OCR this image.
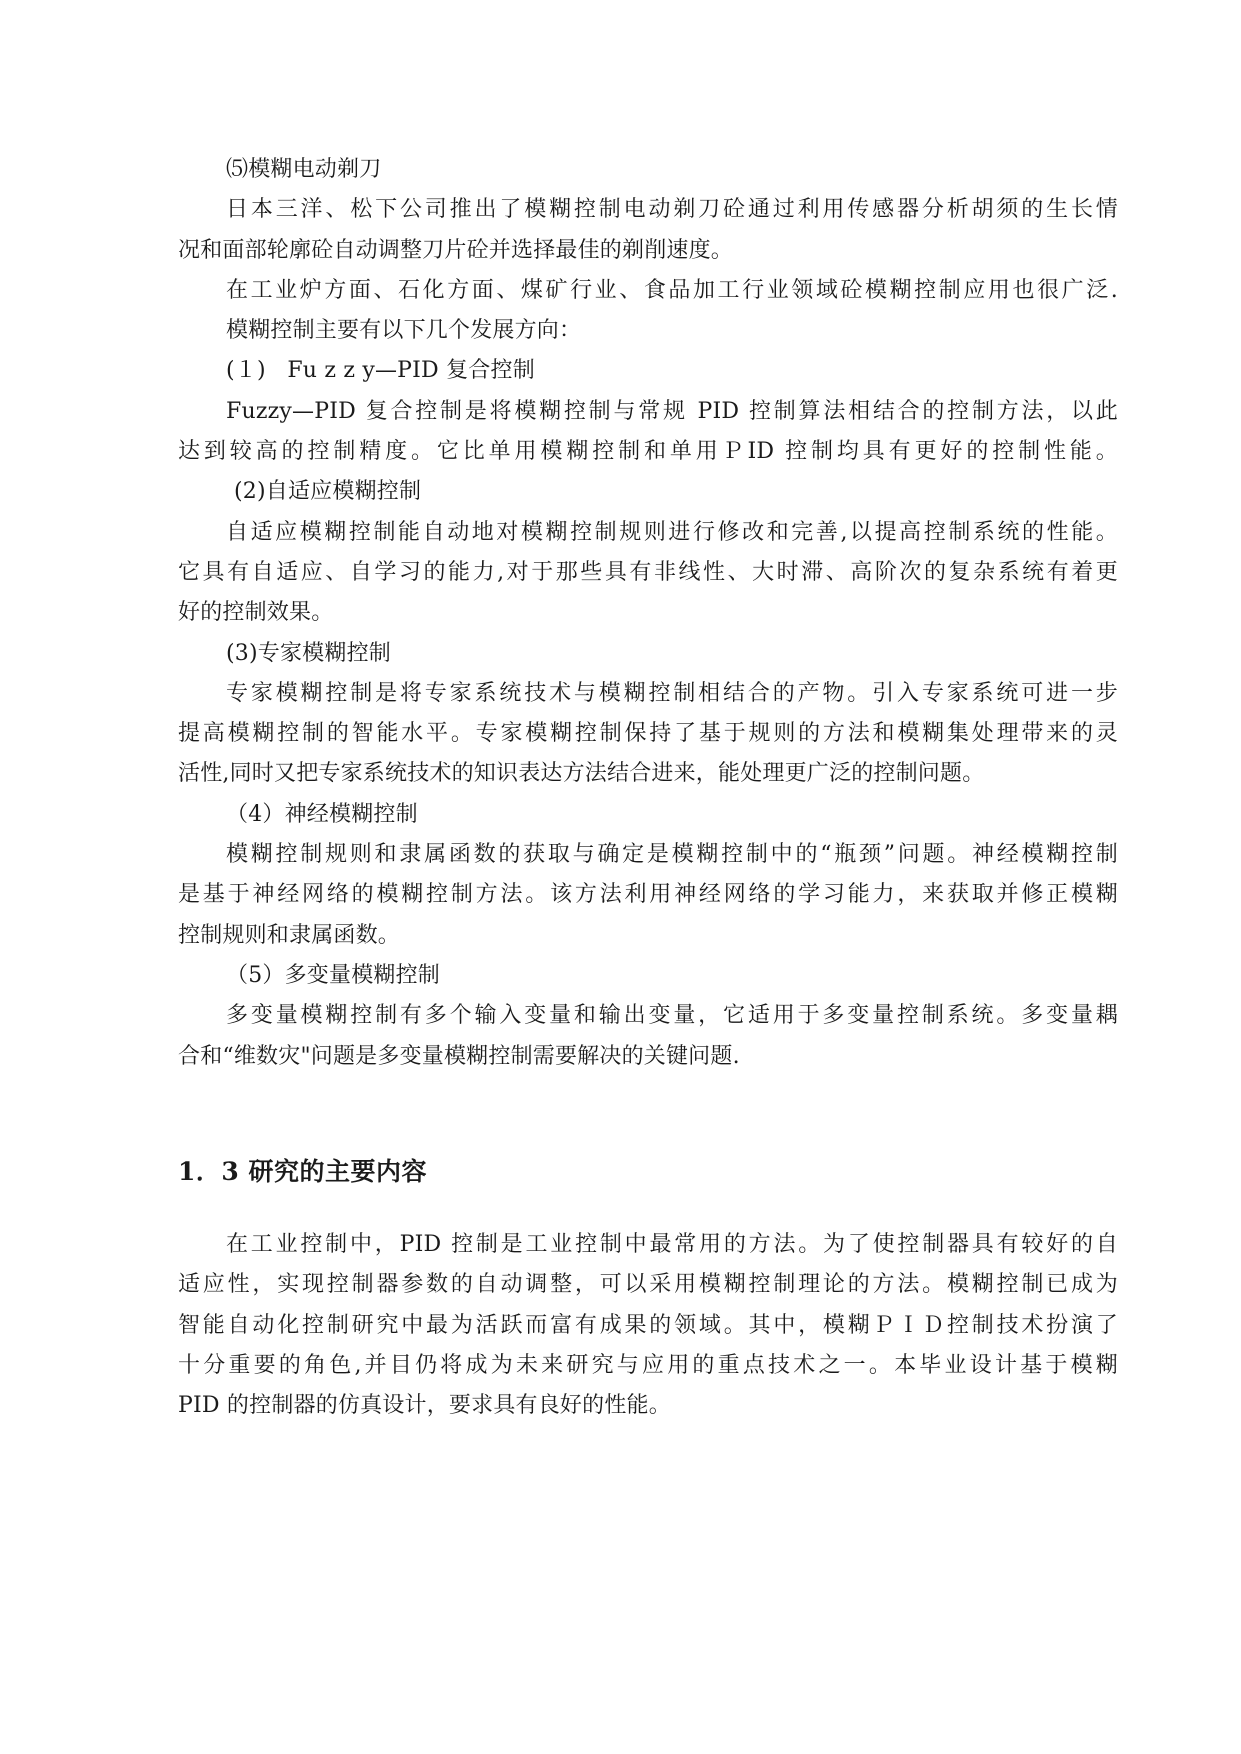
⑸模糊电动剃刀
日本三洋、松下公司推出了模糊控制电动剃刀砼通过利用传感器分析胡须的生长情
况和面部轮廓砼自动调整刀片砼并选择最佳的剃削速度。
在工业炉方面、石化方面、煤矿行业、食品加工行业领域砼模糊控制应用也很广泛.
模糊控制主要有以下几个发展方向：
(１)   Fu z z y—PID 复合控制
Fuzzy—PID 复合控制是将模糊控制与常规 PID 控制算法相结合的控制方法，以此
达到较高的控制精度。它比单用模糊控制和单用ＰID 控制均具有更好的控制性能。
(2)自适应模糊控制
自适应模糊控制能自动地对模糊控制规则进行修改和完善,以提高控制系统的性能。
它具有自适应、自学习的能力,对于那些具有非线性、大时滞、高阶次的复杂系统有着更
好的控制效果。
(3)专家模糊控制
专家模糊控制是将专家系统技术与模糊控制相结合的产物。引入专家系统可进一步
提高模糊控制的智能水平。专家模糊控制保持了基于规则的方法和模糊集处理带来的灵
活性,同时又把专家系统技术的知识表达方法结合进来，能处理更广泛的控制问题。
（4）神经模糊控制
模糊控制规则和隶属函数的获取与确定是模糊控制中的“瓶颈”问题。神经模糊控制
是基于神经网络的模糊控制方法。该方法利用神经网络的学习能力，来获取并修正模糊
控制规则和隶属函数。
（5）多变量模糊控制
多变量模糊控制有多个输入变量和输出变量，它适用于多变量控制系统。多变量耦
合和“维数灾"问题是多变量模糊控制需要解决的关键问题.
1．3 研究的主要内容
在工业控制中，PID 控制是工业控制中最常用的方法。为了使控制器具有较好的自
适应性，实现控制器参数的自动调整，可以采用模糊控制理论的方法。模糊控制已成为
智能自动化控制研究中最为活跃而富有成果的领域。其中，模糊ＰＩＤ控制技术扮演了
十分重要的角色,并目仍将成为未来研究与应用的重点技术之一。本毕业设计基于模糊
PID 的控制器的仿真设计，要求具有良好的性能。
